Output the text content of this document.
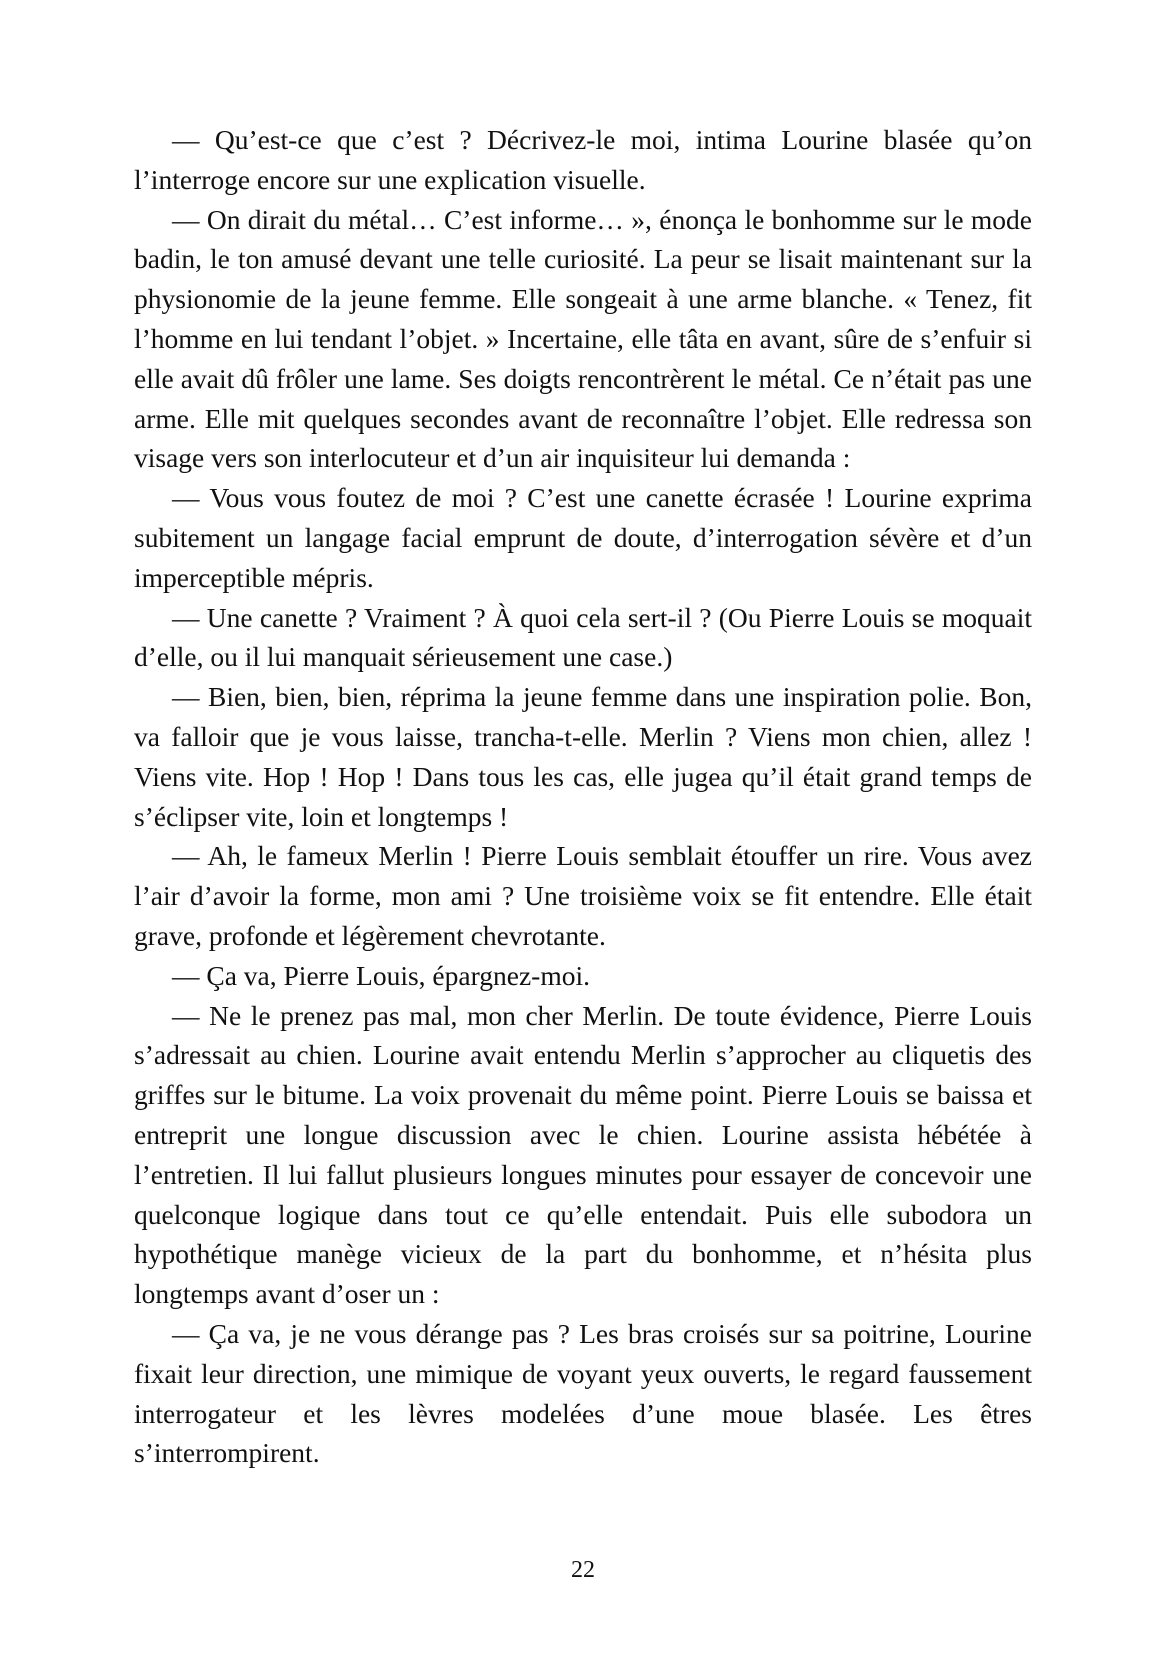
— Qu’est-ce que c’est ? Décrivez-le moi, intima Lourine blasée qu’on l’interroge encore sur une explication visuelle.

— On dirait du métal… C’est informe… », énonça le bonhomme sur le mode badin, le ton amusé devant une telle curiosité. La peur se lisait maintenant sur la physionomie de la jeune femme. Elle songeait à une arme blanche. « Tenez, fit l’homme en lui tendant l’objet. » Incertaine, elle tâta en avant, sûre de s’enfuir si elle avait dû frôler une lame. Ses doigts rencontrèrent le métal. Ce n’était pas une arme. Elle mit quelques secondes avant de reconnaître l’objet. Elle redressa son visage vers son interlocuteur et d’un air inquisiteur lui demanda :

— Vous vous foutez de moi ? C’est une canette écrasée ! Lourine exprima subitement un langage facial emprunt de doute, d’interrogation sévère et d’un imperceptible mépris.

— Une canette ? Vraiment ? À quoi cela sert-il ? (Ou Pierre Louis se moquait d’elle, ou il lui manquait sérieusement une case.)

— Bien, bien, bien, réprima la jeune femme dans une inspiration polie. Bon, va falloir que je vous laisse, trancha-t-elle. Merlin ? Viens mon chien, allez ! Viens vite. Hop ! Hop ! Dans tous les cas, elle jugea qu’il était grand temps de s’éclipser vite, loin et longtemps !

— Ah, le fameux Merlin ! Pierre Louis semblait étouffer un rire. Vous avez l’air d’avoir la forme, mon ami ? Une troisième voix se fit entendre. Elle était grave, profonde et légèrement chevrotante.

— Ça va, Pierre Louis, épargnez-moi.

— Ne le prenez pas mal, mon cher Merlin. De toute évidence, Pierre Louis s’adressait au chien. Lourine avait entendu Merlin s’approcher au cliquetis des griffes sur le bitume. La voix provenait du même point. Pierre Louis se baissa et entreprit une longue discussion avec le chien. Lourine assista hébétée à l’entretien. Il lui fallut plusieurs longues minutes pour essayer de concevoir une quelconque logique dans tout ce qu’elle entendait. Puis elle subodora un hypothétique manège vicieux de la part du bonhomme, et n’hésita plus longtemps avant d’oser un :

— Ça va, je ne vous dérange pas ? Les bras croisés sur sa poitrine, Lourine fixait leur direction, une mimique de voyant yeux ouverts, le regard faussement interrogateur et les lèvres modelées d’une moue blasée. Les êtres s’interrompirent.

22
